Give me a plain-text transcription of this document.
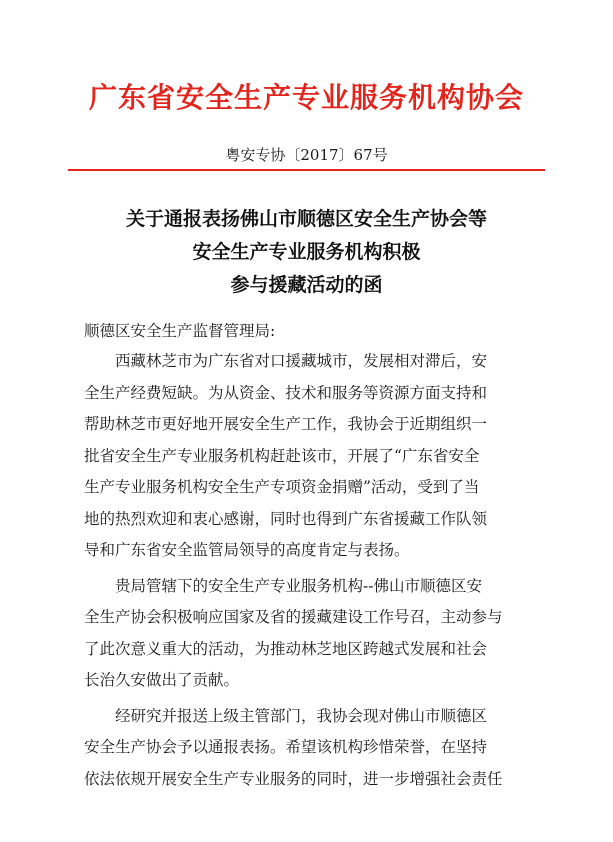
广东省安全生产专业服务机构协会
粤安专协〔2017〕67号
关于通报表扬佛山市顺德区安全生产协会等
安全生产专业服务机构积极
参与援藏活动的函
顺德区安全生产监督管理局:
西藏林芝市为广东省对口援藏城市，发展相对滞后，安
全生产经费短缺。为从资金、技术和服务等资源方面支持和
帮助林芝市更好地开展安全生产工作，我协会于近期组织一
批省安全生产专业服务机构赶赴该市，开展了“广东省安全
生产专业服务机构安全生产专项资金捐赠”活动，受到了当
地的热烈欢迎和衷心感谢，同时也得到广东省援藏工作队领
导和广东省安全监管局领导的高度肯定与表扬。
贵局管辖下的安全生产专业服务机构--佛山市顺德区安
全生产协会积极响应国家及省的援藏建设工作号召，主动参与
了此次意义重大的活动，为推动林芝地区跨越式发展和社会
长治久安做出了贡献。
经研究并报送上级主管部门，我协会现对佛山市顺德区
安全生产协会予以通报表扬。希望该机构珍惜荣誉，在坚持
依法依规开展安全生产专业服务的同时，进一步增强社会责任
